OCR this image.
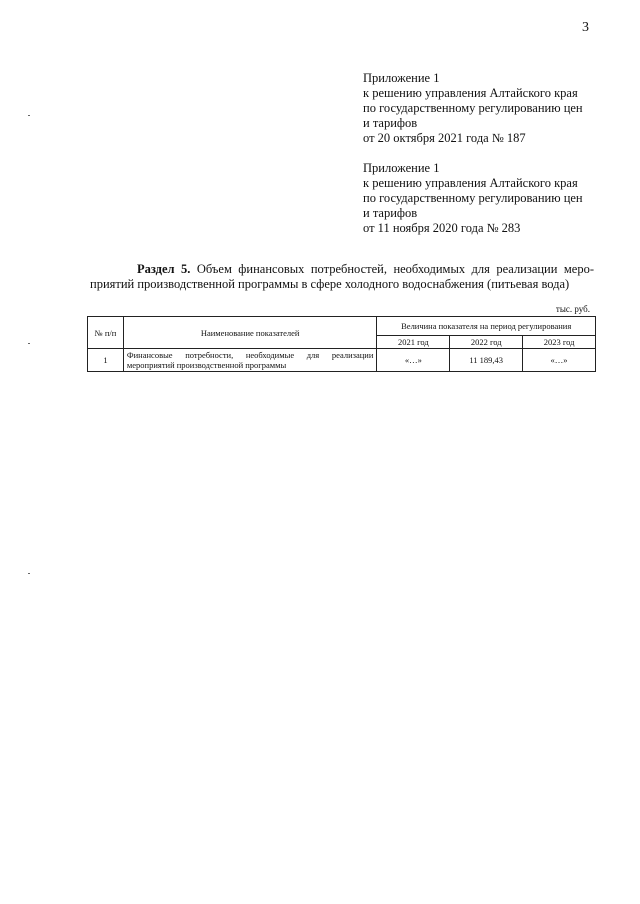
3
Приложение 1
к решению управления Алтайского края
по государственному регулированию цен
и тарифов
от 20 октября 2021 года № 187
Приложение 1
к решению управления Алтайского края
по государственному регулированию цен
и тарифов
от 11 ноября 2020 года № 283
Раздел 5. Объем финансовых потребностей, необходимых для реализации меро-
приятий производственной программы в сфере холодного водоснабжения (питьевая вода)
тыс. руб.
№ п/п	Наименование показателей	Величина показателя на период регулирования		
		2021 год	2022 год	2023 год
1	Финансовые потребности, необходимые для реализации мероприятий производственной программы	«…»	11 189,43	«…»
